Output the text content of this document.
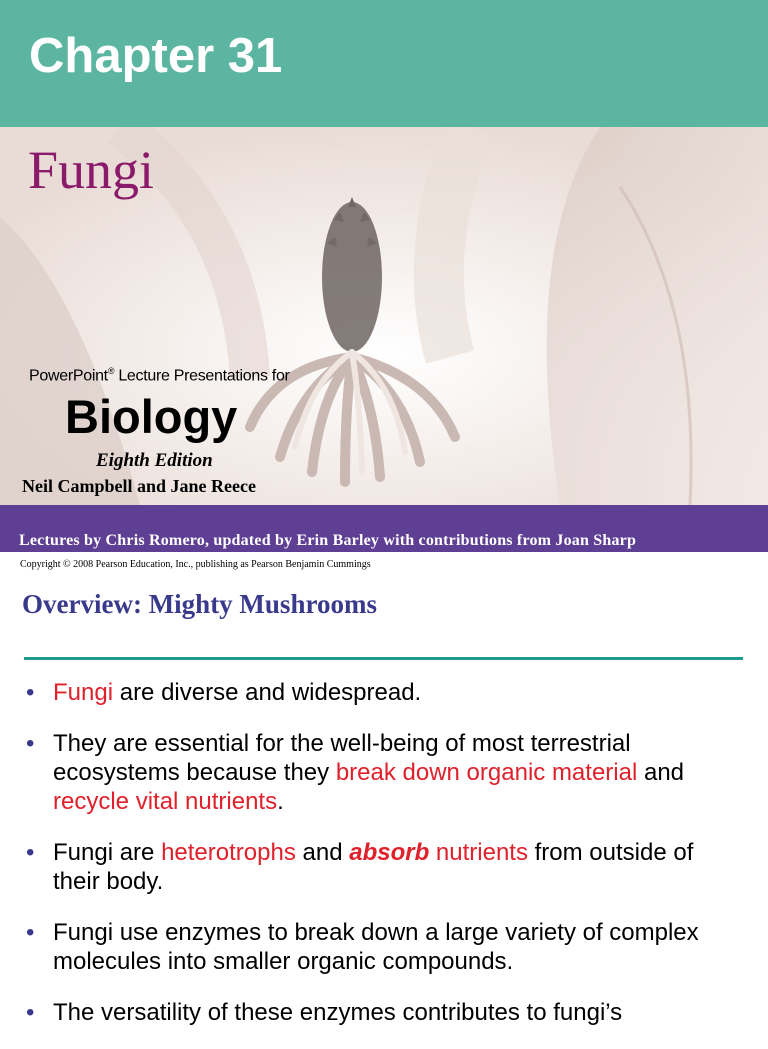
Chapter 31
Fungi
PowerPoint® Lecture Presentations for
Biology
Eighth Edition
Neil Campbell and Jane Reece
Lectures by Chris Romero, updated by Erin Barley with contributions from Joan Sharp
Copyright © 2008 Pearson Education, Inc., publishing as Pearson Benjamin Cummings
Overview: Mighty Mushrooms
• Fungi are diverse and widespread.
• They are essential for the well-being of most terrestrial ecosystems because they break down organic material and recycle vital nutrients.
• Fungi are heterotrophs and absorb nutrients from outside of their body.
• Fungi use enzymes to break down a large variety of complex molecules into smaller organic compounds.
• The versatility of these enzymes contributes to fungi’s
